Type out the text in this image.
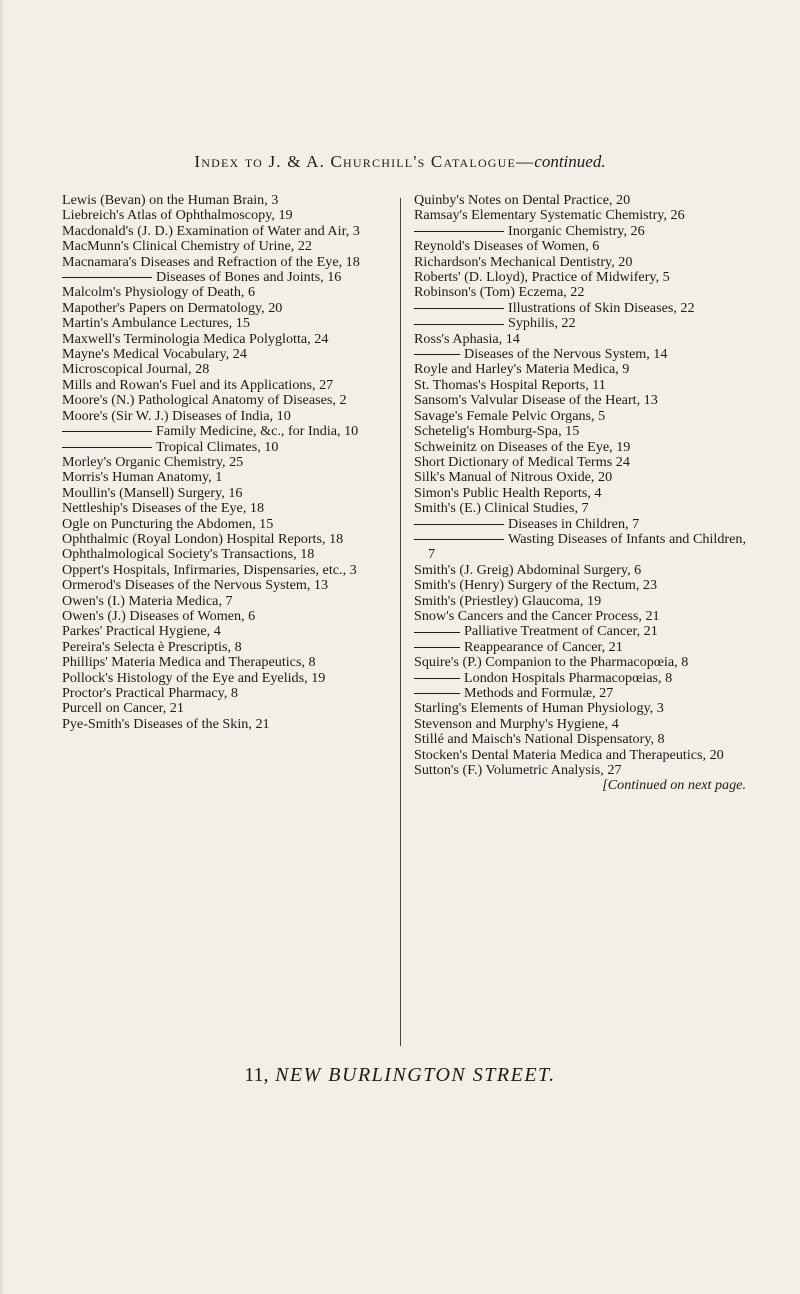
Index to J. & A. Churchill's Catalogue—continued.
Lewis (Bevan) on the Human Brain, 3
Liebreich's Atlas of Ophthalmoscopy, 19
Macdonald's (J. D.) Examination of Water and Air, 3
MacMunn's Clinical Chemistry of Urine, 22
Macnamara's Diseases and Refraction of the Eye, 18
Diseases of Bones and Joints, 16
Malcolm's Physiology of Death, 6
Mapother's Papers on Dermatology, 20
Martin's Ambulance Lectures, 15
Maxwell's Terminologia Medica Polyglotta, 24
Mayne's Medical Vocabulary, 24
Microscopical Journal, 28
Mills and Rowan's Fuel and its Applications, 27
Moore's (N.) Pathological Anatomy of Diseases, 2
Moore's (Sir W. J.) Diseases of India, 10
Family Medicine, &c., for India, 10
Tropical Climates, 10
Morley's Organic Chemistry, 25
Morris's Human Anatomy, 1
Moullin's (Mansell) Surgery, 16
Nettleship's Diseases of the Eye, 18
Ogle on Puncturing the Abdomen, 15
Ophthalmic (Royal London) Hospital Reports, 18
Ophthalmological Society's Transactions, 18
Oppert's Hospitals, Infirmaries, Dispensaries, etc., 3
Ormerod's Diseases of the Nervous System, 13
Owen's (I.) Materia Medica, 7
Owen's (J.) Diseases of Women, 6
Parkes' Practical Hygiene, 4
Pereira's Selecta è Prescriptis, 8
Phillips' Materia Medica and Therapeutics, 8
Pollock's Histology of the Eye and Eyelids, 19
Proctor's Practical Pharmacy, 8
Purcell on Cancer, 21
Pye-Smith's Diseases of the Skin, 21
Quinby's Notes on Dental Practice, 20
Ramsay's Elementary Systematic Chemistry, 26
Inorganic Chemistry, 26
Reynold's Diseases of Women, 6
Richardson's Mechanical Dentistry, 20
Roberts' (D. Lloyd), Practice of Midwifery, 5
Robinson's (Tom) Eczema, 22
Illustrations of Skin Diseases, 22
Syphilis, 22
Ross's Aphasia, 14
Diseases of the Nervous System, 14
Royle and Harley's Materia Medica, 9
St. Thomas's Hospital Reports, 11
Sansom's Valvular Disease of the Heart, 13
Savage's Female Pelvic Organs, 5
Schetelig's Homburg-Spa, 15
Schweinitz on Diseases of the Eye, 19
Short Dictionary of Medical Terms 24
Silk's Manual of Nitrous Oxide, 20
Simon's Public Health Reports, 4
Smith's (E.) Clinical Studies, 7
Diseases in Children, 7
Wasting Diseases of Infants and Children, 7
Smith's (J. Greig) Abdominal Surgery, 6
Smith's (Henry) Surgery of the Rectum, 23
Smith's (Priestley) Glaucoma, 19
Snow's Cancers and the Cancer Process, 21
Palliative Treatment of Cancer, 21
Reappearance of Cancer, 21
Squire's (P.) Companion to the Pharmacopœia, 8
London Hospitals Pharmacopœias, 8
Methods and Formulæ, 27
Starling's Elements of Human Physiology, 3
Stevenson and Murphy's Hygiene, 4
Stillé and Maisch's National Dispensatory, 8
Stocken's Dental Materia Medica and Therapeutics, 20
Sutton's (F.) Volumetric Analysis, 27
[Continued on next page.
11, NEW BURLINGTON STREET.
